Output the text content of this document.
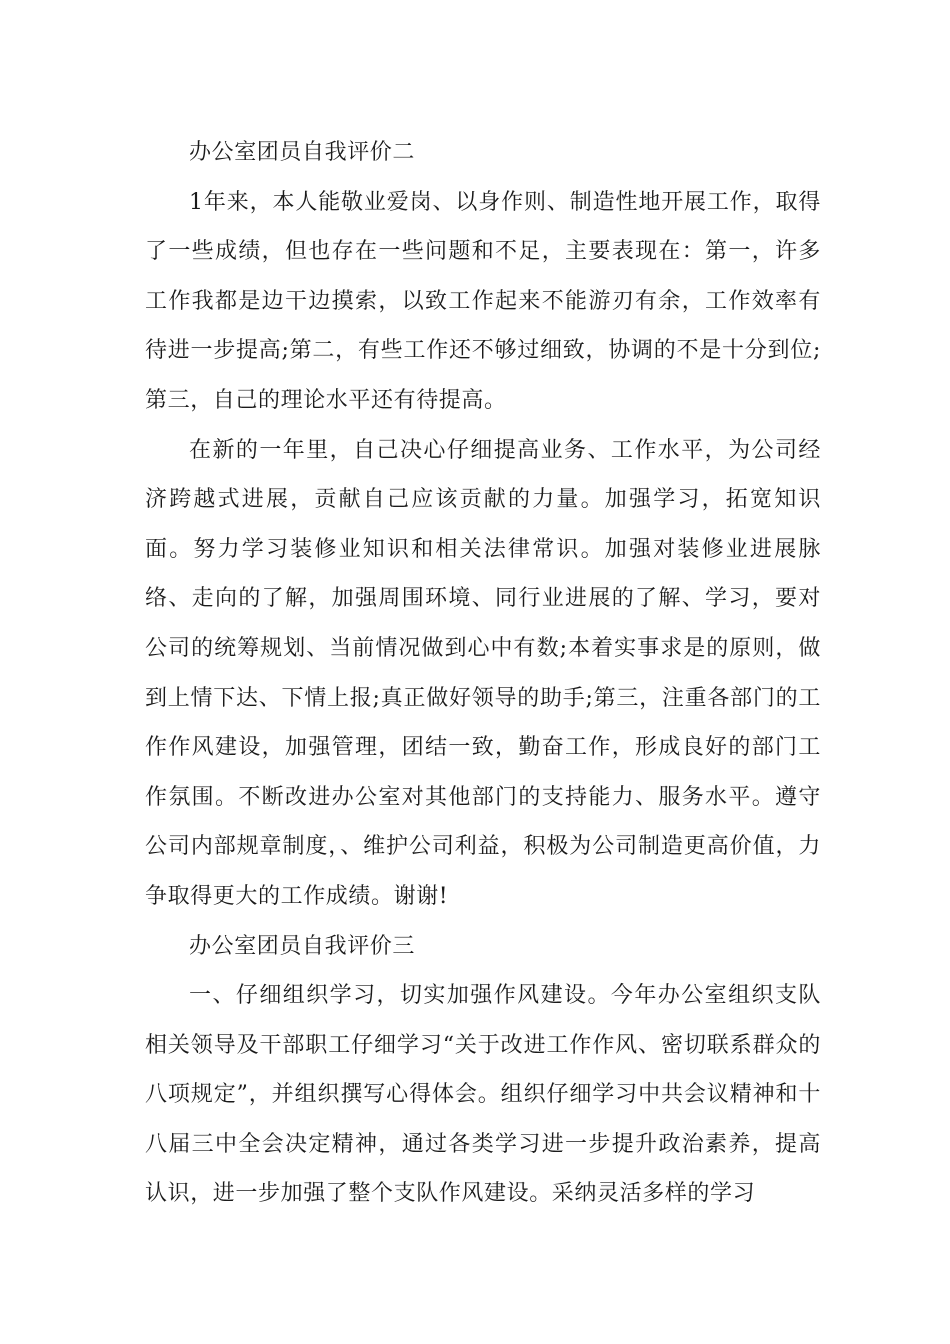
办公室团员自我评价二

1年来，本人能敬业爱岗、以身作则、制造性地开展工作，取得了一些成绩，但也存在一些问题和不足，主要表现在：第一，许多工作我都是边干边摸索，以致工作起来不能游刃有余，工作效率有待进一步提高;第二，有些工作还不够过细致，协调的不是十分到位;第三，自己的理论水平还有待提高。

在新的一年里，自己决心仔细提高业务、工作水平，为公司经济跨越式进展，贡献自己应该贡献的力量。加强学习，拓宽知识面。努力学习装修业知识和相关法律常识。加强对装修业进展脉络、走向的了解，加强周围环境、同行业进展的了解、学习，要对公司的统筹规划、当前情况做到心中有数;本着实事求是的原则，做到上情下达、下情上报;真正做好领导的助手;第三，注重各部门的工作作风建设，加强管理，团结一致，勤奋工作，形成良好的部门工作氛围。不断改进办公室对其他部门的支持能力、服务水平。遵守公司内部规章制度，、维护公司利益，积极为公司制造更高价值，力争取得更大的工作成绩。谢谢!

办公室团员自我评价三

一、仔细组织学习，切实加强作风建设。今年办公室组织支队相关领导及干部职工仔细学习“关于改进工作作风、密切联系群众的八项规定”，并组织撰写心得体会。组织仔细学习中共会议精神和十八届三中全会决定精神，通过各类学习进一步提升政治素养，提高认识，进一步加强了整个支队作风建设。采纳灵活多样的学习
